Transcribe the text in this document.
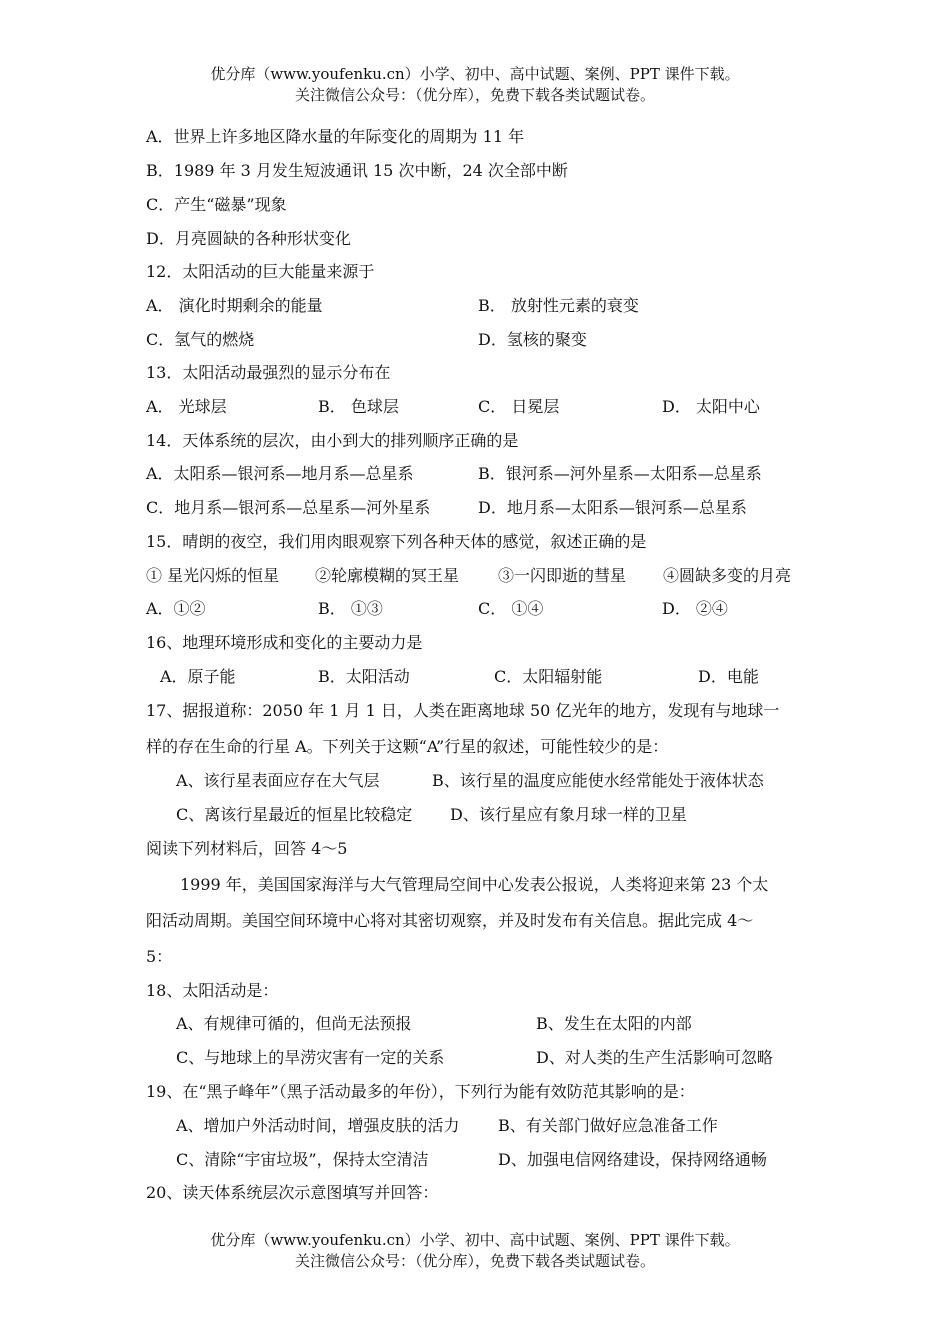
优分库（www.youfenku.cn）小学、初中、高中试题、案例、PPT 课件下载。
关注微信公众号：（优分库），免费下载各类试题试卷。
A．世界上许多地区降水量的年际变化的周期为 11 年
B．1989 年 3 月发生短波通讯 15 次中断，24 次全部中断
C．产生“磁暴”现象
D．月亮圆缺的各种形状变化
12．太阳活动的巨大能量来源于
A． 演化时期剩余的能量	B． 放射性元素的衰变
C．氢气的燃烧	D．氢核的聚变
13．太阳活动最强烈的显示分布在
A． 光球层	B． 色球层	C． 日冕层	D． 太阳中心
14．天体系统的层次，由小到大的排列顺序正确的是
A．太阳系—银河系—地月系—总星系	B．银河系—河外星系—太阳系—总星系
C．地月系—银河系—总星系—河外星系	D．地月系—太阳系—银河系—总星系
15．晴朗的夜空，我们用肉眼观察下列各种天体的感觉，叙述正确的是
① 星光闪烁的恒星 ②轮廓模糊的冥王星 ③一闪即逝的彗星 ④圆缺多变的月亮
A．①②	B． ①③	C． ①④	D． ②④
16、地理环境形成和变化的主要动力是
A．原子能	B．太阳活动	C．太阳辐射能	D．电能
17、据报道称：2050 年 1 月 1 日，人类在距离地球 50 亿光年的地方，发现有与地球一
样的存在生命的行星 A。下列关于这颗“A”行星的叙述，可能性较少的是：
A、该行星表面应存在大气层	B、该行星的温度应能使水经常能处于液体状态
C、离该行星最近的恒星比较稳定 D、该行星应有象月球一样的卫星
阅读下列材料后，回答 4～5
1999 年，美国国家海洋与大气管理局空间中心发表公报说，人类将迎来第 23 个太
阳活动周期。美国空间环境中心将对其密切观察，并及时发布有关信息。据此完成 4～
5：
18、太阳活动是：
A、有规律可循的，但尚无法预报	B、发生在太阳的内部
C、与地球上的旱涝灾害有一定的关系	D、对人类的生产生活影响可忽略
19、在“黑子峰年”（黑子活动最多的年份），下列行为能有效防范其影响的是：
A、增加户外活动时间，增强皮肤的活力 B、有关部门做好应急准备工作
C、清除“宇宙垃圾”，保持太空清洁	D、加强电信网络建设，保持网络通畅
20、读天体系统层次示意图填写并回答：
优分库（www.youfenku.cn）小学、初中、高中试题、案例、PPT 课件下载。
关注微信公众号：（优分库），免费下载各类试题试卷。
